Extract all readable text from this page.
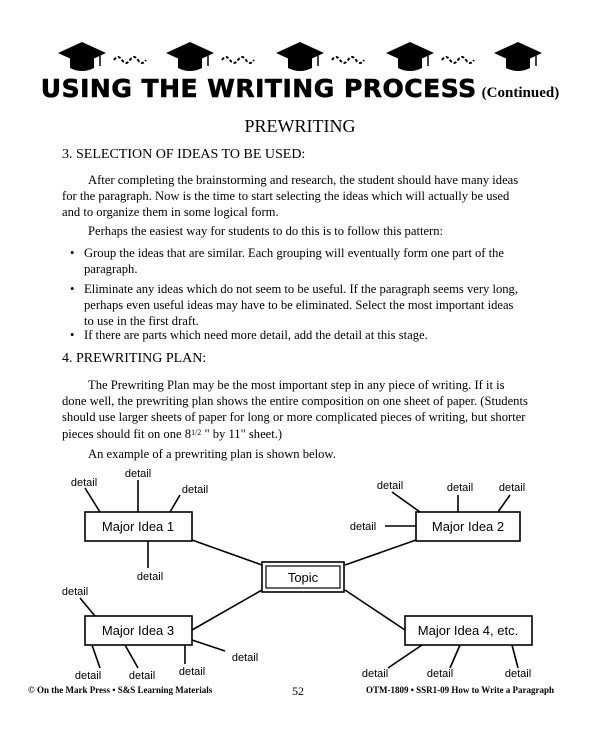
USING THE WRITING PROCESS (Continued)
PREWRITING
3. SELECTION OF IDEAS TO BE USED:
After completing the brainstorming and research, the student should have many ideas
for the paragraph. Now is the time to start selecting the ideas which will actually be used
and to organize them in some logical form.
Perhaps the easiest way for students to do this is to follow this pattern:
• Group the ideas that are similar. Each grouping will eventually form one part of the
paragraph.
• Eliminate any ideas which do not seem to be useful. If the paragraph seems very long,
perhaps even useful ideas may have to be eliminated. Select the most important ideas
to use in the first draft.
• If there are parts which need more detail, add the detail at this stage.
4. PREWRITING PLAN:
The Prewriting Plan may be the most important step in any piece of writing. If it is
done well, the prewriting plan shows the entire composition on one sheet of paper. (Students
should use larger sheets of paper for long or more complicated pieces of writing, but shorter
pieces should fit on one $8^{1/2}$ " by 11" sheet.)
An example of a prewriting plan is shown below.
Topic
Major Idea 1	Major Idea 2
Major Idea 3	Major Idea 4, etc.
detail
detail
detail
detail
detail	detail detail
detail
detail
detail
detail
detail	detail	detail	detail	detail
© On the Mark Press • S&S Learning Materials	52	OTM-1809 • SSR1-09 How to Write a Paragraph
